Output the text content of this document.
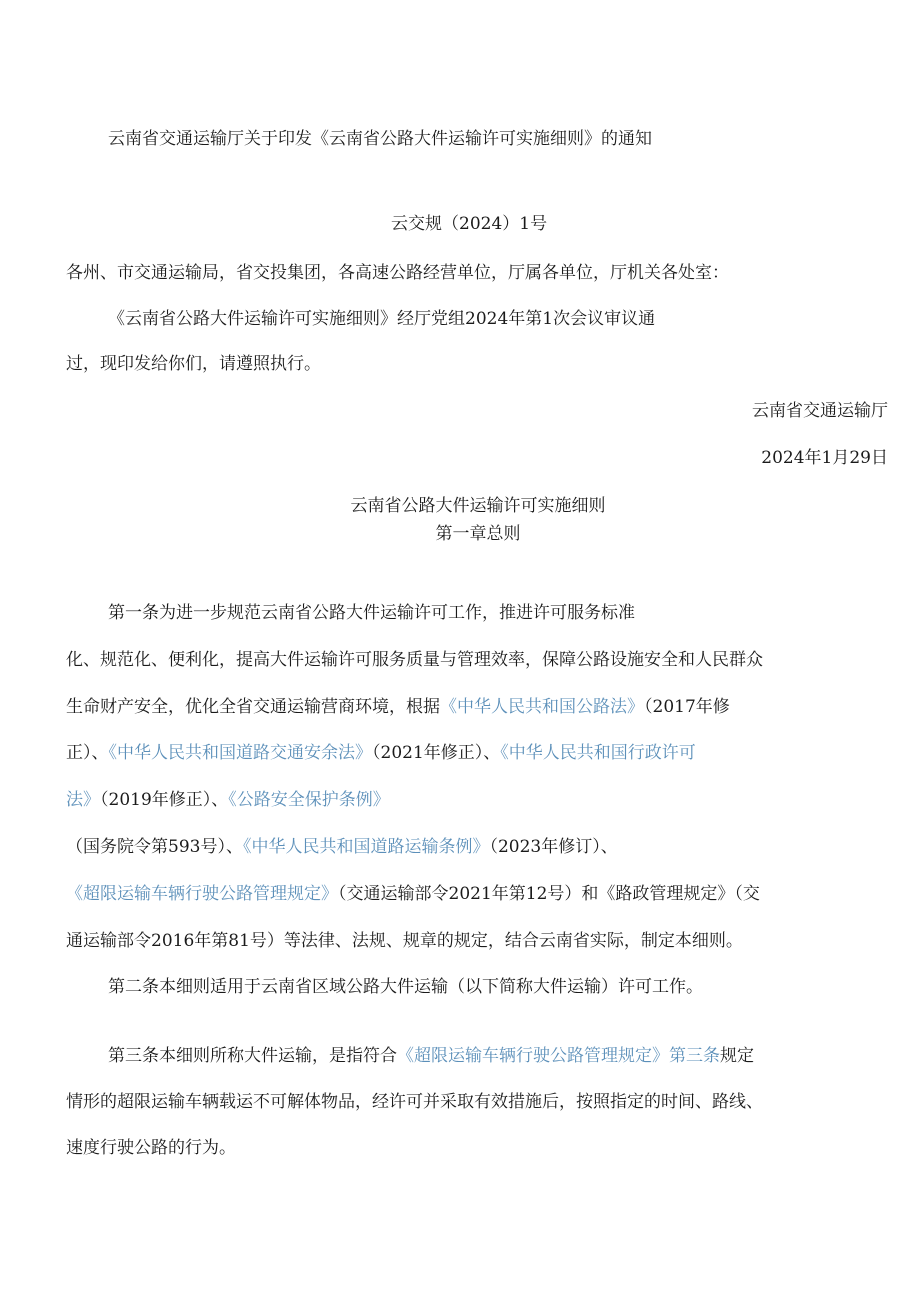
云南省交通运输厅关于印发《云南省公路大件运输许可实施细则》的通知
云交规（2024）1号
各州、市交通运输局，省交投集团，各高速公路经营单位，厅属各单位，厅机关各处室：
《云南省公路大件运输许可实施细则》经厅党组2024年第1次会议审议通
过，现印发给你们，请遵照执行。
云南省交通运输厅
2024年1月29日
云南省公路大件运输许可实施细则
第一章总则
第一条为进一步规范云南省公路大件运输许可工作，推进许可服务标准
化、规范化、便利化，提高大件运输许可服务质量与管理效率，保障公路设施安全和人民群众
生命财产安全，优化全省交通运输营商环境，根据《中华人民共和国公路法》（2017年修
正）、《中华人民共和国道路交通安余法》（2021年修正）、《中华人民共和国行政许可
法》（2019年修正）、《公路安全保护条例》
（国务院令第593号）、《中华人民共和国道路运输条例》（2023年修订）、
《超限运输车辆行驶公路管理规定》（交通运输部令2021年第12号）和《路政管理规定》（交
通运输部令2016年第81号）等法律、法规、规章的规定，结合云南省实际，制定本细则。
第二条本细则适用于云南省区域公路大件运输（以下简称大件运输）许可工作。
第三条本细则所称大件运输，是指符合《超限运输车辆行驶公路管理规定》第三条规定
情形的超限运输车辆载运不可解体物品，经许可并采取有效措施后，按照指定的时间、路线、
速度行驶公路的行为。
